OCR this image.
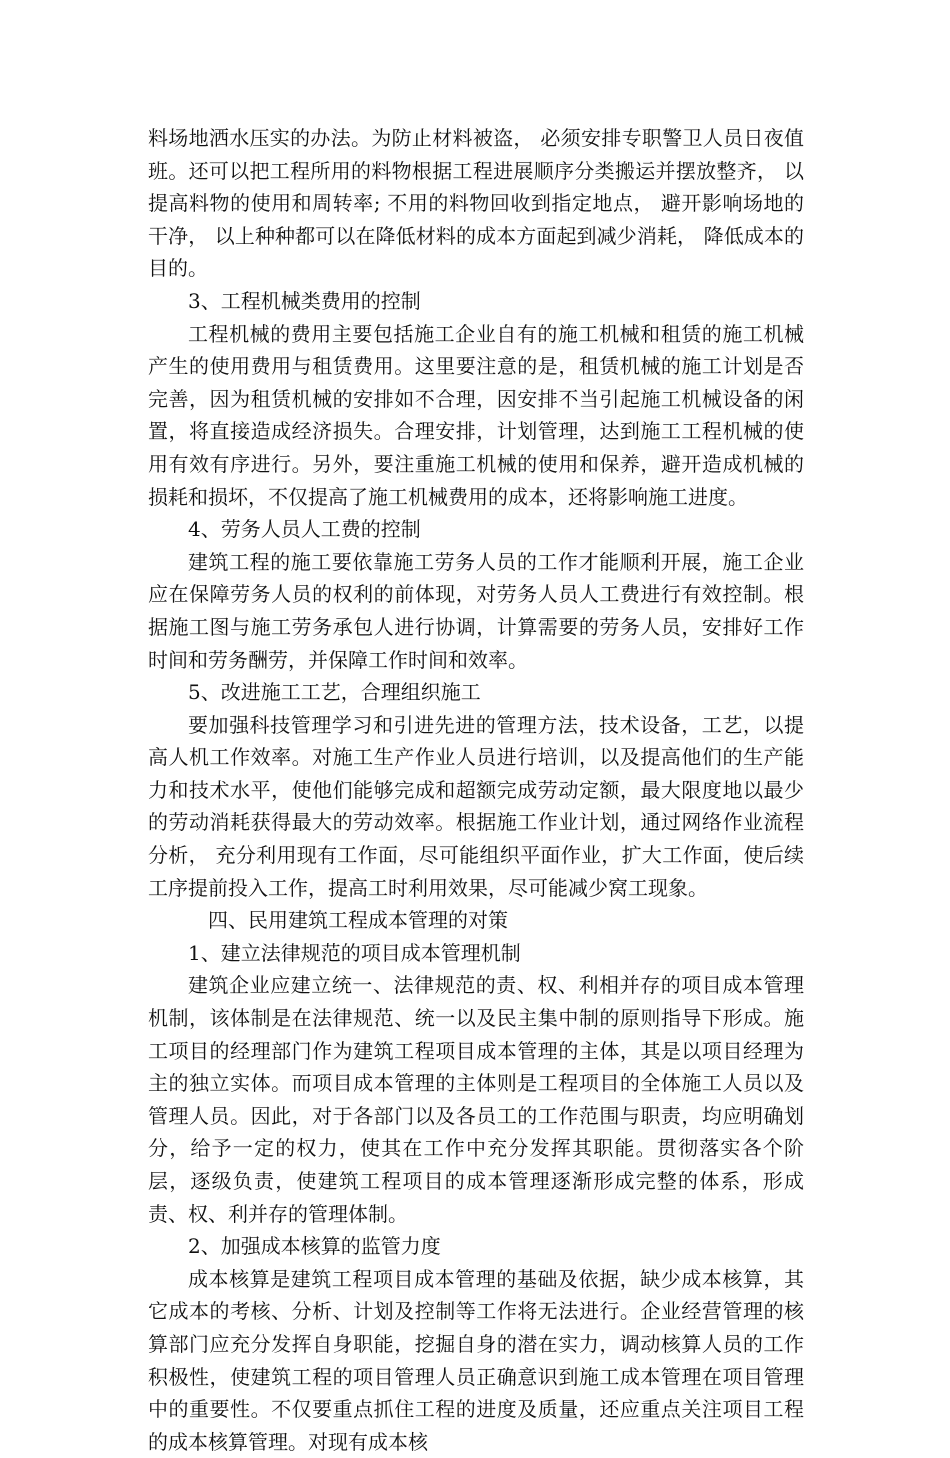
料场地洒水压实的办法。为防止材料被盗， 必须安排专职警卫人员日夜值班。还可以把工程所用的料物根据工程进展顺序分类搬运并摆放整齐， 以提高料物的使用和周转率; 不用的料物回收到指定地点， 避开影响场地的干净， 以上种种都可以在降低材料的成本方面起到减少消耗， 降低成本的目的。

3、工程机械类费用的控制

工程机械的费用主要包括施工企业自有的施工机械和租赁的施工机械产生的使用费用与租赁费用。这里要注意的是，租赁机械的施工计划是否完善，因为租赁机械的安排如不合理，因安排不当引起施工机械设备的闲置，将直接造成经济损失。合理安排，计划管理，达到施工工程机械的使用有效有序进行。另外，要注重施工机械的使用和保养，避开造成机械的损耗和损坏，不仅提高了施工机械费用的成本，还将影响施工进度。

4、劳务人员人工费的控制

建筑工程的施工要依靠施工劳务人员的工作才能顺利开展，施工企业应在保障劳务人员的权利的前体现，对劳务人员人工费进行有效控制。根据施工图与施工劳务承包人进行协调，计算需要的劳务人员，安排好工作时间和劳务酬劳，并保障工作时间和效率。

5、改进施工工艺，合理组织施工

要加强科技管理学习和引进先进的管理方法，技术设备，工艺，以提高人机工作效率。对施工生产作业人员进行培训，以及提高他们的生产能力和技术水平，使他们能够完成和超额完成劳动定额，最大限度地以最少的劳动消耗获得最大的劳动效率。根据施工作业计划，通过网络作业流程分析， 充分利用现有工作面，尽可能组织平面作业，扩大工作面，使后续工序提前投入工作，提高工时利用效果，尽可能减少窝工现象。

四、民用建筑工程成本管理的对策

1、建立法律规范的项目成本管理机制

建筑企业应建立统一、法律规范的责、权、利相并存的项目成本管理机制，该体制是在法律规范、统一以及民主集中制的原则指导下形成。施工项目的经理部门作为建筑工程项目成本管理的主体，其是以项目经理为主的独立实体。而项目成本管理的主体则是工程项目的全体施工人员以及管理人员。因此，对于各部门以及各员工的工作范围与职责，均应明确划分，给予一定的权力，使其在工作中充分发挥其职能。贯彻落实各个阶层，逐级负责，使建筑工程项目的成本管理逐渐形成完整的体系，形成责、权、利并存的管理体制。

2、加强成本核算的监管力度

成本核算是建筑工程项目成本管理的基础及依据，缺少成本核算，其它成本的考核、分析、计划及控制等工作将无法进行。企业经营管理的核算部门应充分发挥自身职能，挖掘自身的潜在实力，调动核算人员的工作积极性，使建筑工程的项目管理人员正确意识到施工成本管理在项目管理中的重要性。不仅要重点抓住工程的进度及质量，还应重点关注项目工程的成本核算管理。对现有成本核
